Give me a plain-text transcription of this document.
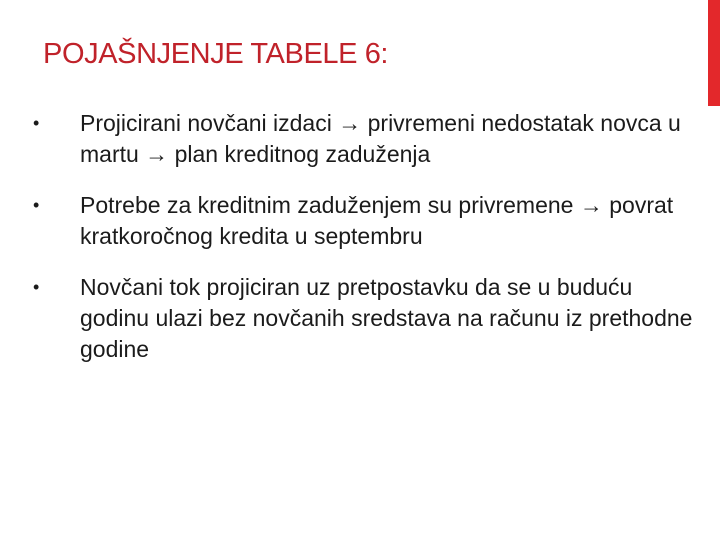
POJAŠNJENJE TABELE 6:
•	Projicirani novčani izdaci → privremeni nedostatak novca u martu → plan kreditnog zaduženja
•	Potrebe za kreditnim zaduženjem su privremene → povrat kratkoročnog kredita u septembru
•	Novčani tok projiciran uz pretpostavku da se u buduću godinu ulazi bez novčanih sredstava na računu iz prethodne godine
